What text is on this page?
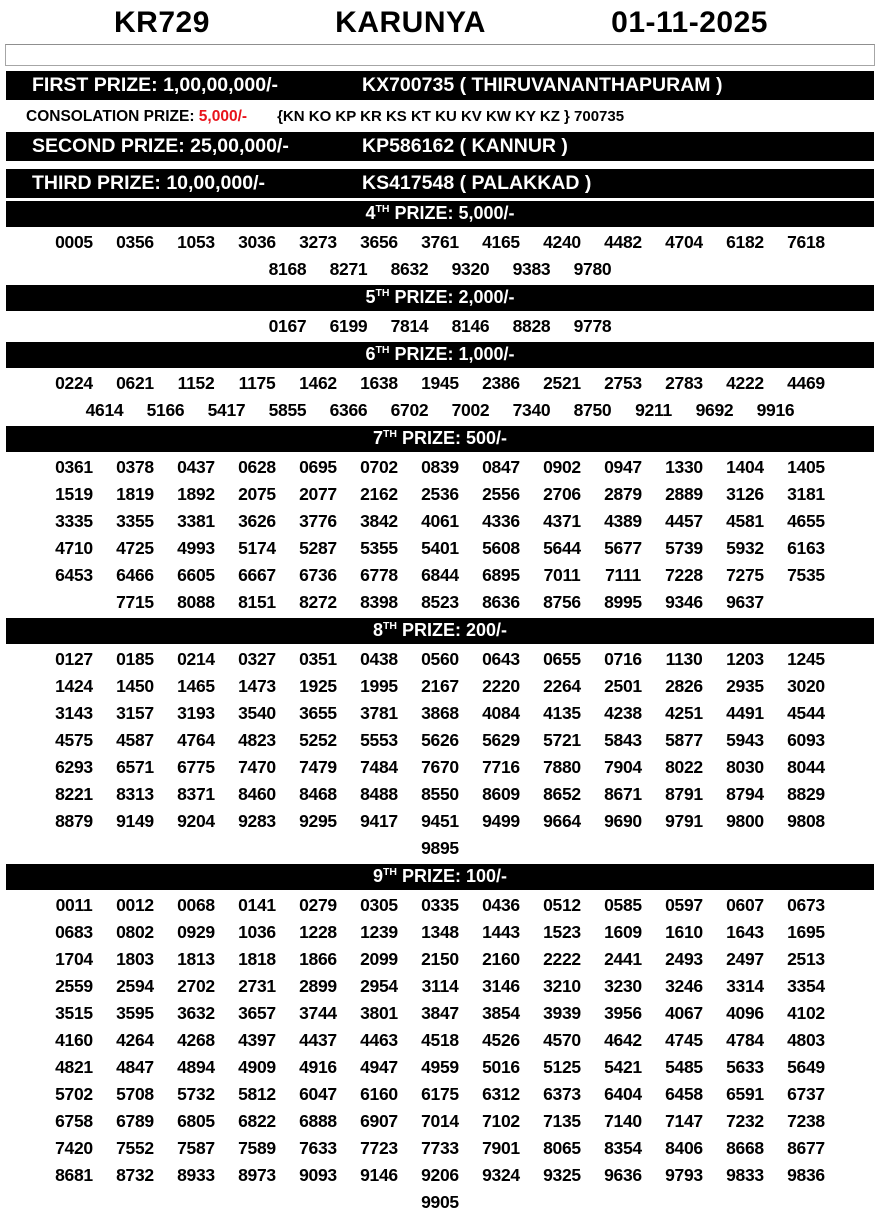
KR729	KARUNYA	01-11-2025
FIRST PRIZE: 1,00,00,000/-	KX700735 ( THIRUVANANTHAPURAM )
CONSOLATION PRIZE: 5,000/- {KN KO KP KR KS KT KU KV KW KY KZ } 700735
SECOND PRIZE: 25,00,000/-	KP586162 ( KANNUR )
THIRD PRIZE: 10,00,000/-	KS417548 ( PALAKKAD )
4TH PRIZE: 5,000/-
0005	0356	1053	3036	3273	3656	3761	4165	4240	4482	4704	6182	7618
8168	8271	8632	9320	9383	9780
5TH PRIZE: 2,000/-
0167	6199	7814	8146	8828	9778
6TH PRIZE: 1,000/-
0224	0621	1152	1175	1462	1638	1945	2386	2521	2753	2783	4222	4469
4614	5166	5417	5855	6366	6702	7002	7340	8750	9211	9692	9916
7TH PRIZE: 500/-
0361	0378	0437	0628	0695	0702	0839	0847	0902	0947	1330	1404	1405
1519	1819	1892	2075	2077	2162	2536	2556	2706	2879	2889	3126	3181
3335	3355	3381	3626	3776	3842	4061	4336	4371	4389	4457	4581	4655
4710	4725	4993	5174	5287	5355	5401	5608	5644	5677	5739	5932	6163
6453	6466	6605	6667	6736	6778	6844	6895	7011	7111	7228	7275	7535
7715	8088	8151	8272	8398	8523	8636	8756	8995	9346	9637
8TH PRIZE: 200/-
0127	0185	0214	0327	0351	0438	0560	0643	0655	0716	1130	1203	1245
1424	1450	1465	1473	1925	1995	2167	2220	2264	2501	2826	2935	3020
3143	3157	3193	3540	3655	3781	3868	4084	4135	4238	4251	4491	4544
4575	4587	4764	4823	5252	5553	5626	5629	5721	5843	5877	5943	6093
6293	6571	6775	7470	7479	7484	7670	7716	7880	7904	8022	8030	8044
8221	8313	8371	8460	8468	8488	8550	8609	8652	8671	8791	8794	8829
8879	9149	9204	9283	9295	9417	9451	9499	9664	9690	9791	9800	9808
9895
9TH PRIZE: 100/-
0011	0012	0068	0141	0279	0305	0335	0436	0512	0585	0597	0607	0673
0683	0802	0929	1036	1228	1239	1348	1443	1523	1609	1610	1643	1695
1704	1803	1813	1818	1866	2099	2150	2160	2222	2441	2493	2497	2513
2559	2594	2702	2731	2899	2954	3114	3146	3210	3230	3246	3314	3354
3515	3595	3632	3657	3744	3801	3847	3854	3939	3956	4067	4096	4102
4160	4264	4268	4397	4437	4463	4518	4526	4570	4642	4745	4784	4803
4821	4847	4894	4909	4916	4947	4959	5016	5125	5421	5485	5633	5649
5702	5708	5732	5812	6047	6160	6175	6312	6373	6404	6458	6591	6737
6758	6789	6805	6822	6888	6907	7014	7102	7135	7140	7147	7232	7238
7420	7552	7587	7589	7633	7723	7733	7901	8065	8354	8406	8668	8677
8681	8732	8933	8973	9093	9146	9206	9324	9325	9636	9793	9833	9836
9905
